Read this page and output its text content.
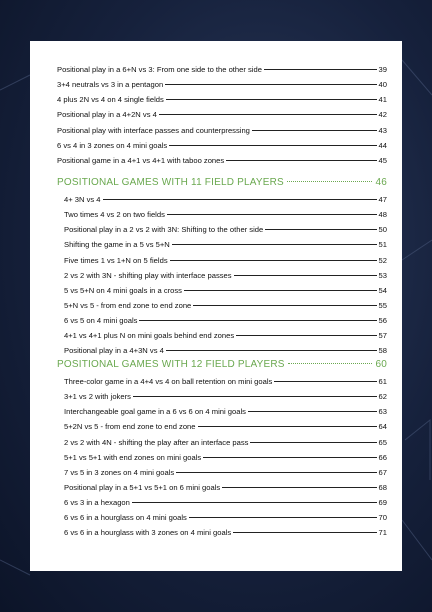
Positional play in a 6+N vs 3: From one side to the other side	39
3+4 neutrals vs 3 in a pentagon	40
4 plus 2N vs 4 on 4 single fields	41
Positional play in a 4+2N vs 4	42
Positional play with interface passes and counterpressing	43
6 vs 4 in 3 zones on 4 mini goals	44
Positional game in a 4+1 vs 4+1 with taboo zones	45
POSITIONAL GAMES WITH 11 FIELD PLAYERS	46
4+ 3N vs 4	47
Two times 4 vs 2 on two fields	48
Positional play in a 2 vs 2 with 3N: Shifting to the other side	50
Shifting the game in a 5 vs 5+N	51
Five times 1 vs 1+N on 5 fields	52
2 vs 2 with 3N - shifting play with interface passes	53
5 vs 5+N on 4 mini goals in a cross	54
5+N vs 5 - from end zone to end zone	55
6 vs 5 on 4 mini goals	56
4+1 vs 4+1 plus N on mini goals behind end zones	57
Positional play in a 4+3N vs 4	58
POSITIONAL GAMES WITH 12 FIELD PLAYERS	60
Three-color game in a 4+4 vs 4 on ball retention on mini goals	61
3+1 vs 2 with jokers	62
Interchangeable goal game in a 6 vs 6 on 4 mini goals	63
5+2N vs 5 - from end zone to end zone	64
2 vs 2 with 4N - shifting the play after an interface pass	65
5+1 vs 5+1 with end zones on mini goals	66
7 vs 5 in 3 zones on 4 mini goals	67
Positional play in a 5+1 vs 5+1 on 6 mini goals	68
6 vs 3 in a hexagon	69
6 vs 6 in a hourglass on 4 mini goals	70
6 vs 6 in a hourglass with 3 zones on 4 mini goals	71
